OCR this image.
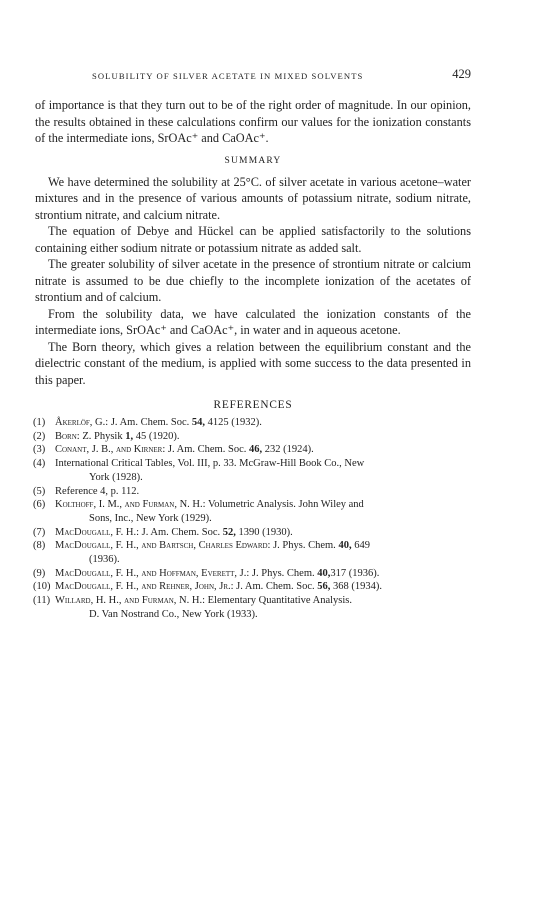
SOLUBILITY OF SILVER ACETATE IN MIXED SOLVENTS	429

of importance is that they turn out to be of the right order of magnitude. In our opinion, the results obtained in these calculations confirm our values for the ionization constants of the intermediate ions, SrOAc⁺ and CaOAc⁺.

SUMMARY

We have determined the solubility at 25°C. of silver acetate in various acetone–water mixtures and in the presence of various amounts of potassium nitrate, sodium nitrate, strontium nitrate, and calcium nitrate.

The equation of Debye and Hückel can be applied satisfactorily to the solutions containing either sodium nitrate or potassium nitrate as added salt.

The greater solubility of silver acetate in the presence of strontium nitrate or calcium nitrate is assumed to be due chiefly to the incomplete ionization of the acetates of strontium and of calcium.

From the solubility data, we have calculated the ionization constants of the intermediate ions, SrOAc⁺ and CaOAc⁺, in water and in aqueous acetone.

The Born theory, which gives a relation between the equilibrium constant and the dielectric constant of the medium, is applied with some success to the data presented in this paper.

REFERENCES
(1) Åkerlöf, G.: J. Am. Chem. Soc. 54, 4125 (1932).
(2) Born: Z. Physik 1, 45 (1920).
(3) Conant, J. B., and Kirner: J. Am. Chem. Soc. 46, 232 (1924).
(4) International Critical Tables, Vol. III, p. 33. McGraw-Hill Book Co., New
York (1928).
(5) Reference 4, p. 112.
(6) Kolthoff, I. M., and Furman, N. H.: Volumetric Analysis. John Wiley and
Sons, Inc., New York (1929).
(7) MacDougall, F. H.: J. Am. Chem. Soc. 52, 1390 (1930).
(8) MacDougall, F. H., and Bartsch, Charles Edward: J. Phys. Chem. 40, 649
(1936).
(9) MacDougall, F. H., and Hoffman, Everett, J.: J. Phys. Chem. 40,317 (1936).
(10) MacDougall, F. H., and Rehner, John, Jr.: J. Am. Chem. Soc. 56, 368 (1934).
(11) Willard, H. H., and Furman, N. H.: Elementary Quantitative Analysis.
D. Van Nostrand Co., New York (1933).
